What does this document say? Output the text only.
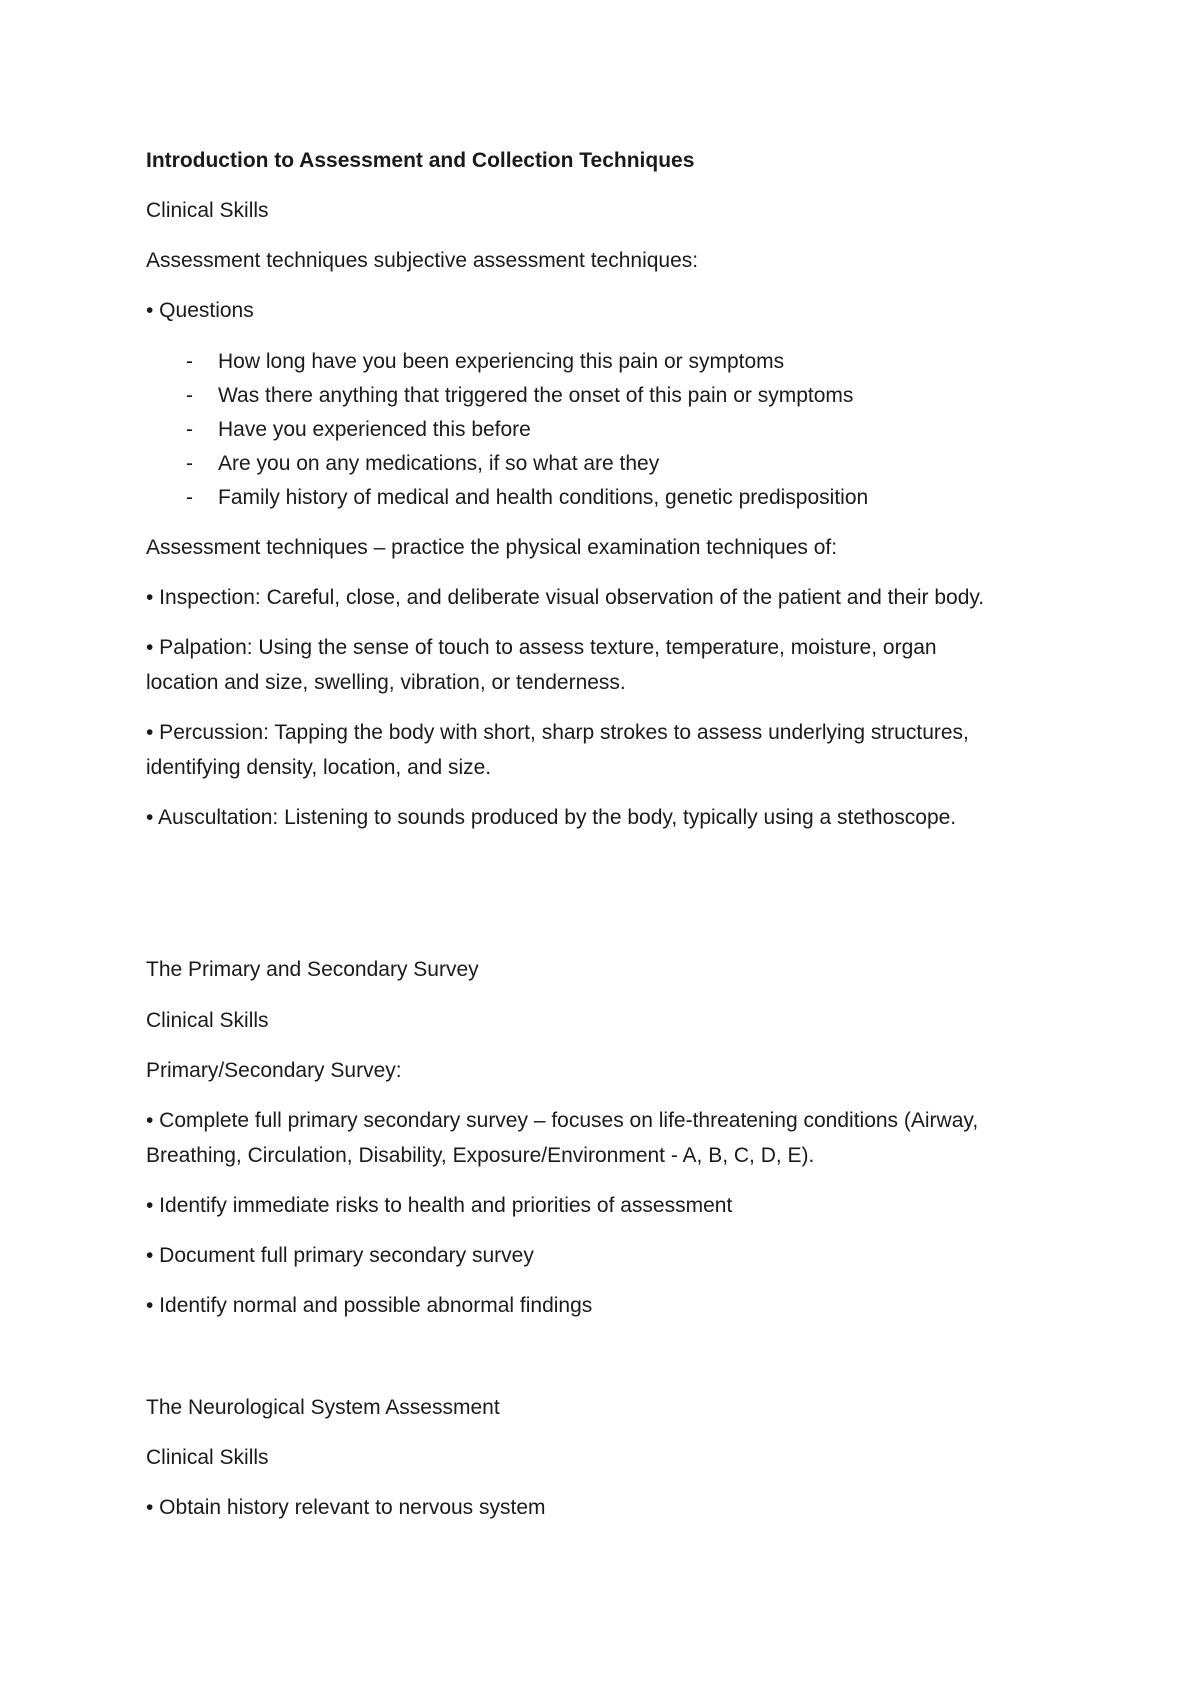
Introduction to Assessment and Collection Techniques
Clinical Skills
Assessment techniques subjective assessment techniques:
• Questions
- How long have you been experiencing this pain or symptoms
- Was there anything that triggered the onset of this pain or symptoms
- Have you experienced this before
- Are you on any medications, if so what are they
- Family history of medical and health conditions, genetic predisposition
Assessment techniques – practice the physical examination techniques of:
• Inspection: Careful, close, and deliberate visual observation of the patient and their body.
• Palpation: Using the sense of touch to assess texture, temperature, moisture, organ
location and size, swelling, vibration, or tenderness.
• Percussion: Tapping the body with short, sharp strokes to assess underlying structures,
identifying density, location, and size.
• Auscultation: Listening to sounds produced by the body, typically using a stethoscope.
The Primary and Secondary Survey
Clinical Skills
Primary/Secondary Survey:
• Complete full primary secondary survey – focuses on life-threatening conditions (Airway,
Breathing, Circulation, Disability, Exposure/Environment - A, B, C, D, E).
• Identify immediate risks to health and priorities of assessment
• Document full primary secondary survey
• Identify normal and possible abnormal findings
The Neurological System Assessment
Clinical Skills
• Obtain history relevant to nervous system
